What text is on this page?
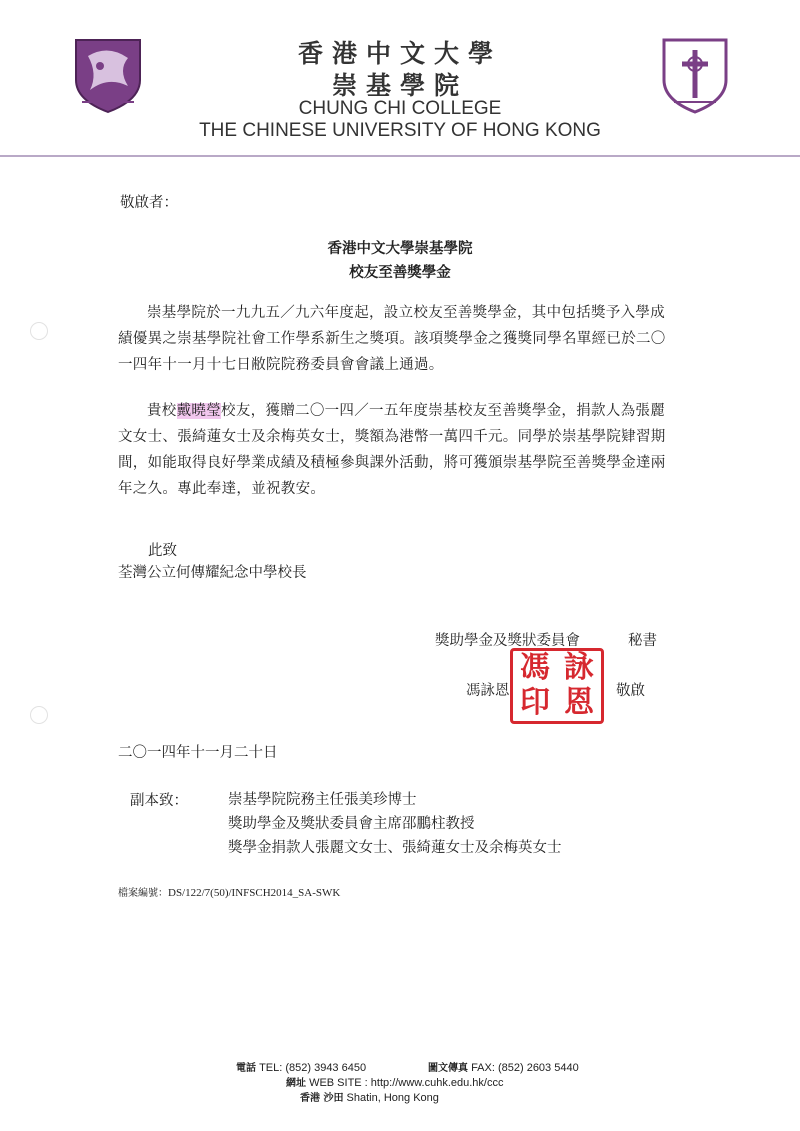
香港中文大學
崇基學院
CHUNG CHI COLLEGE
THE CHINESE UNIVERSITY OF HONG KONG
敬啟者：
香港中文大學崇基學院
校友至善獎學金
崇基學院於一九九五／九六年度起，設立校友至善獎學金，其中包括獎予入學成績優異之崇基學院社會工作學系新生之獎項。該項獎學金之獲獎同學名單經已於二〇一四年十一月十七日敝院院務委員會會議上通過。
貴校戴曉瑩校友，獲贈二〇一四／一五年度崇基校友至善獎學金，捐款人為張麗文女士、張綺蓮女士及余梅英女士，獎額為港幣一萬四千元。同學於崇基學院肄習期間，如能取得良好學業成績及積極參與課外活動，將可獲頒崇基學院至善獎學金達兩年之久。專此奉達，並祝教安。
此致
荃灣公立何傳耀紀念中學校長
獎助學金及獎狀委員會	秘書
馮詠恩
馮 詠
印 恩	敬啟
二〇一四年十一月二十日
副本致：	崇基學院院務主任張美珍博士
獎助學金及獎狀委員會主席邵鵬柱教授
獎學金捐款人張麗文女士、張綺蓮女士及余梅英女士
檔案編號：DS/122/7(50)/INFSCH2014_SA-SWK
電話 TEL: (852) 3943 6450	圖文傳真 FAX: (852) 2603 5440
網址 WEB SITE : http://www.cuhk.edu.hk/ccc
香港 沙田 Shatin, Hong Kong
